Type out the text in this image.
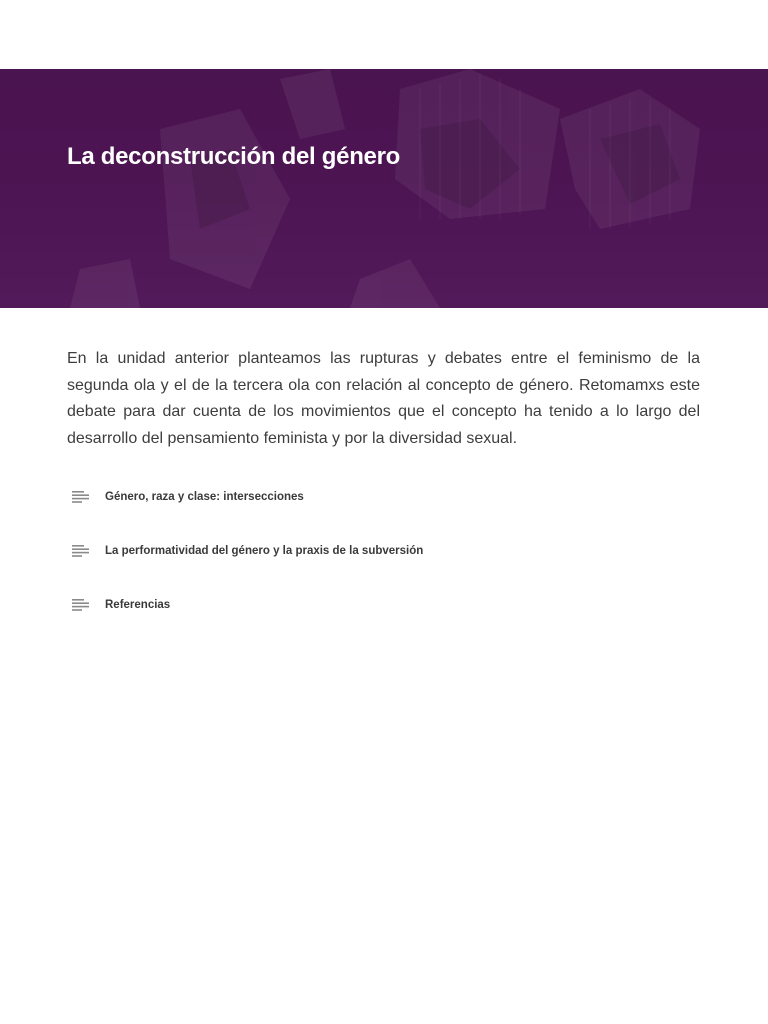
La deconstrucción del género

En la unidad anterior planteamos las rupturas y debates entre el feminismo de la segunda ola y el de la tercera ola con relación al concepto de género. Retomamxs este debate para dar cuenta de los movimientos que el concepto ha tenido a lo largo del desarrollo del pensamiento feminista y por la diversidad sexual.

Género, raza y clase: intersecciones
La performatividad del género y la praxis de la subversión
Referencias
